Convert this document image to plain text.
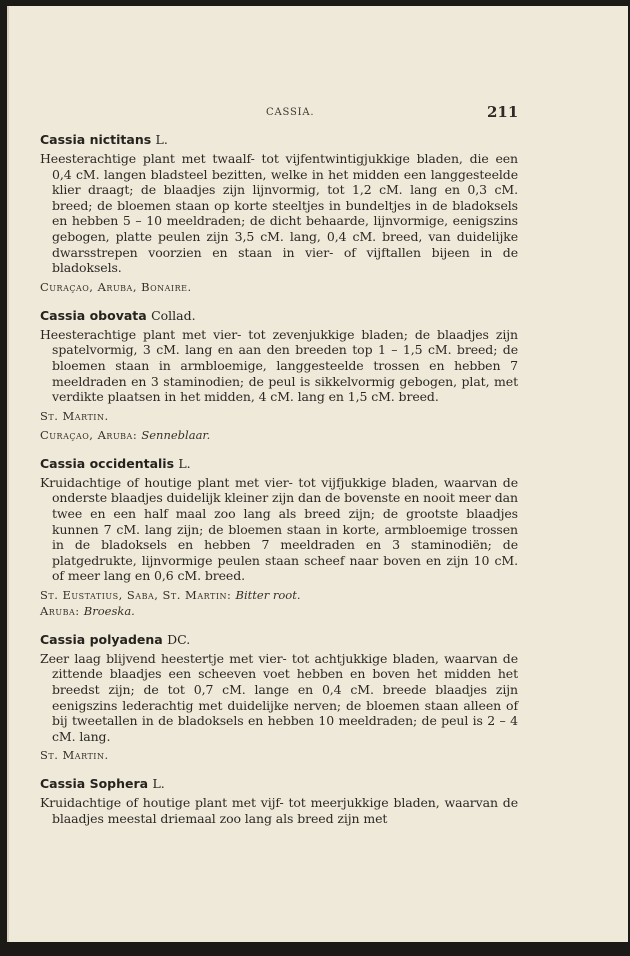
CASSIA.	211

Cassia nictitans L.

Heesterachtige plant met twaalf- tot vijfentwintigjukkige bladen, die een 0,4 cM. langen bladsteel bezitten, welke in het midden een langgesteelde klier draagt; de blaadjes zijn lijnvormig, tot 1,2 cM. lang en 0,3 cM. breed; de bloemen staan op korte steeltjes in bundeltjes in de bladoksels en hebben 5 – 10 meeldraden; de dicht behaarde, lijnvormige, eenigszins gebogen, platte peulen zijn 3,5 cM. lang, 0,4 cM. breed, van duidelijke dwarsstrepen voorzien en staan in vier- of vijftallen bijeen in de bladoksels.

Curaçao, Aruba, Bonaire.

Cassia obovata Collad.

Heesterachtige plant met vier- tot zevenjukkige bladen; de blaadjes zijn spatelvormig, 3 cM. lang en aan den breeden top 1 – 1,5 cM. breed; de bloemen staan in armbloemige, langgesteelde trossen en hebben 7 meeldraden en 3 staminodien; de peul is sikkelvormig gebogen, plat, met verdikte plaatsen in het midden, 4 cM. lang en 1,5 cM. breed.

St. Martin.

Curaçao, Aruba: Senneblaar.

Cassia occidentalis L.

Kruidachtige of houtige plant met vier- tot vijfjukkige bladen, waarvan de onderste blaadjes duidelijk kleiner zijn dan de bovenste en nooit meer dan twee en een half maal zoo lang als breed zijn; de grootste blaadjes kunnen 7 cM. lang zijn; de bloemen staan in korte, armbloemige trossen in de bladoksels en hebben 7 meeldraden en 3 staminodiën; de platgedrukte, lijnvormige peulen staan scheef naar boven en zijn 10 cM. of meer lang en 0,6 cM. breed.

St. Eustatius, Saba, St. Martin: Bitter root.

Aruba: Broeska.

Cassia polyadena DC.

Zeer laag blijvend heestertje met vier- tot achtjukkige bladen, waarvan de zittende blaadjes een scheeven voet hebben en boven het midden het breedst zijn; de tot 0,7 cM. lange en 0,4 cM. breede blaadjes zijn eenigszins lederachtig met duidelijke nerven; de bloemen staan alleen of bij tweetallen in de bladoksels en hebben 10 meeldraden; de peul is 2 – 4 cM. lang.

St. Martin.

Cassia Sophera L.

Kruidachtige of houtige plant met vijf- tot meerjukkige bladen, waarvan de blaadjes meestal driemaal zoo lang als breed zijn met
